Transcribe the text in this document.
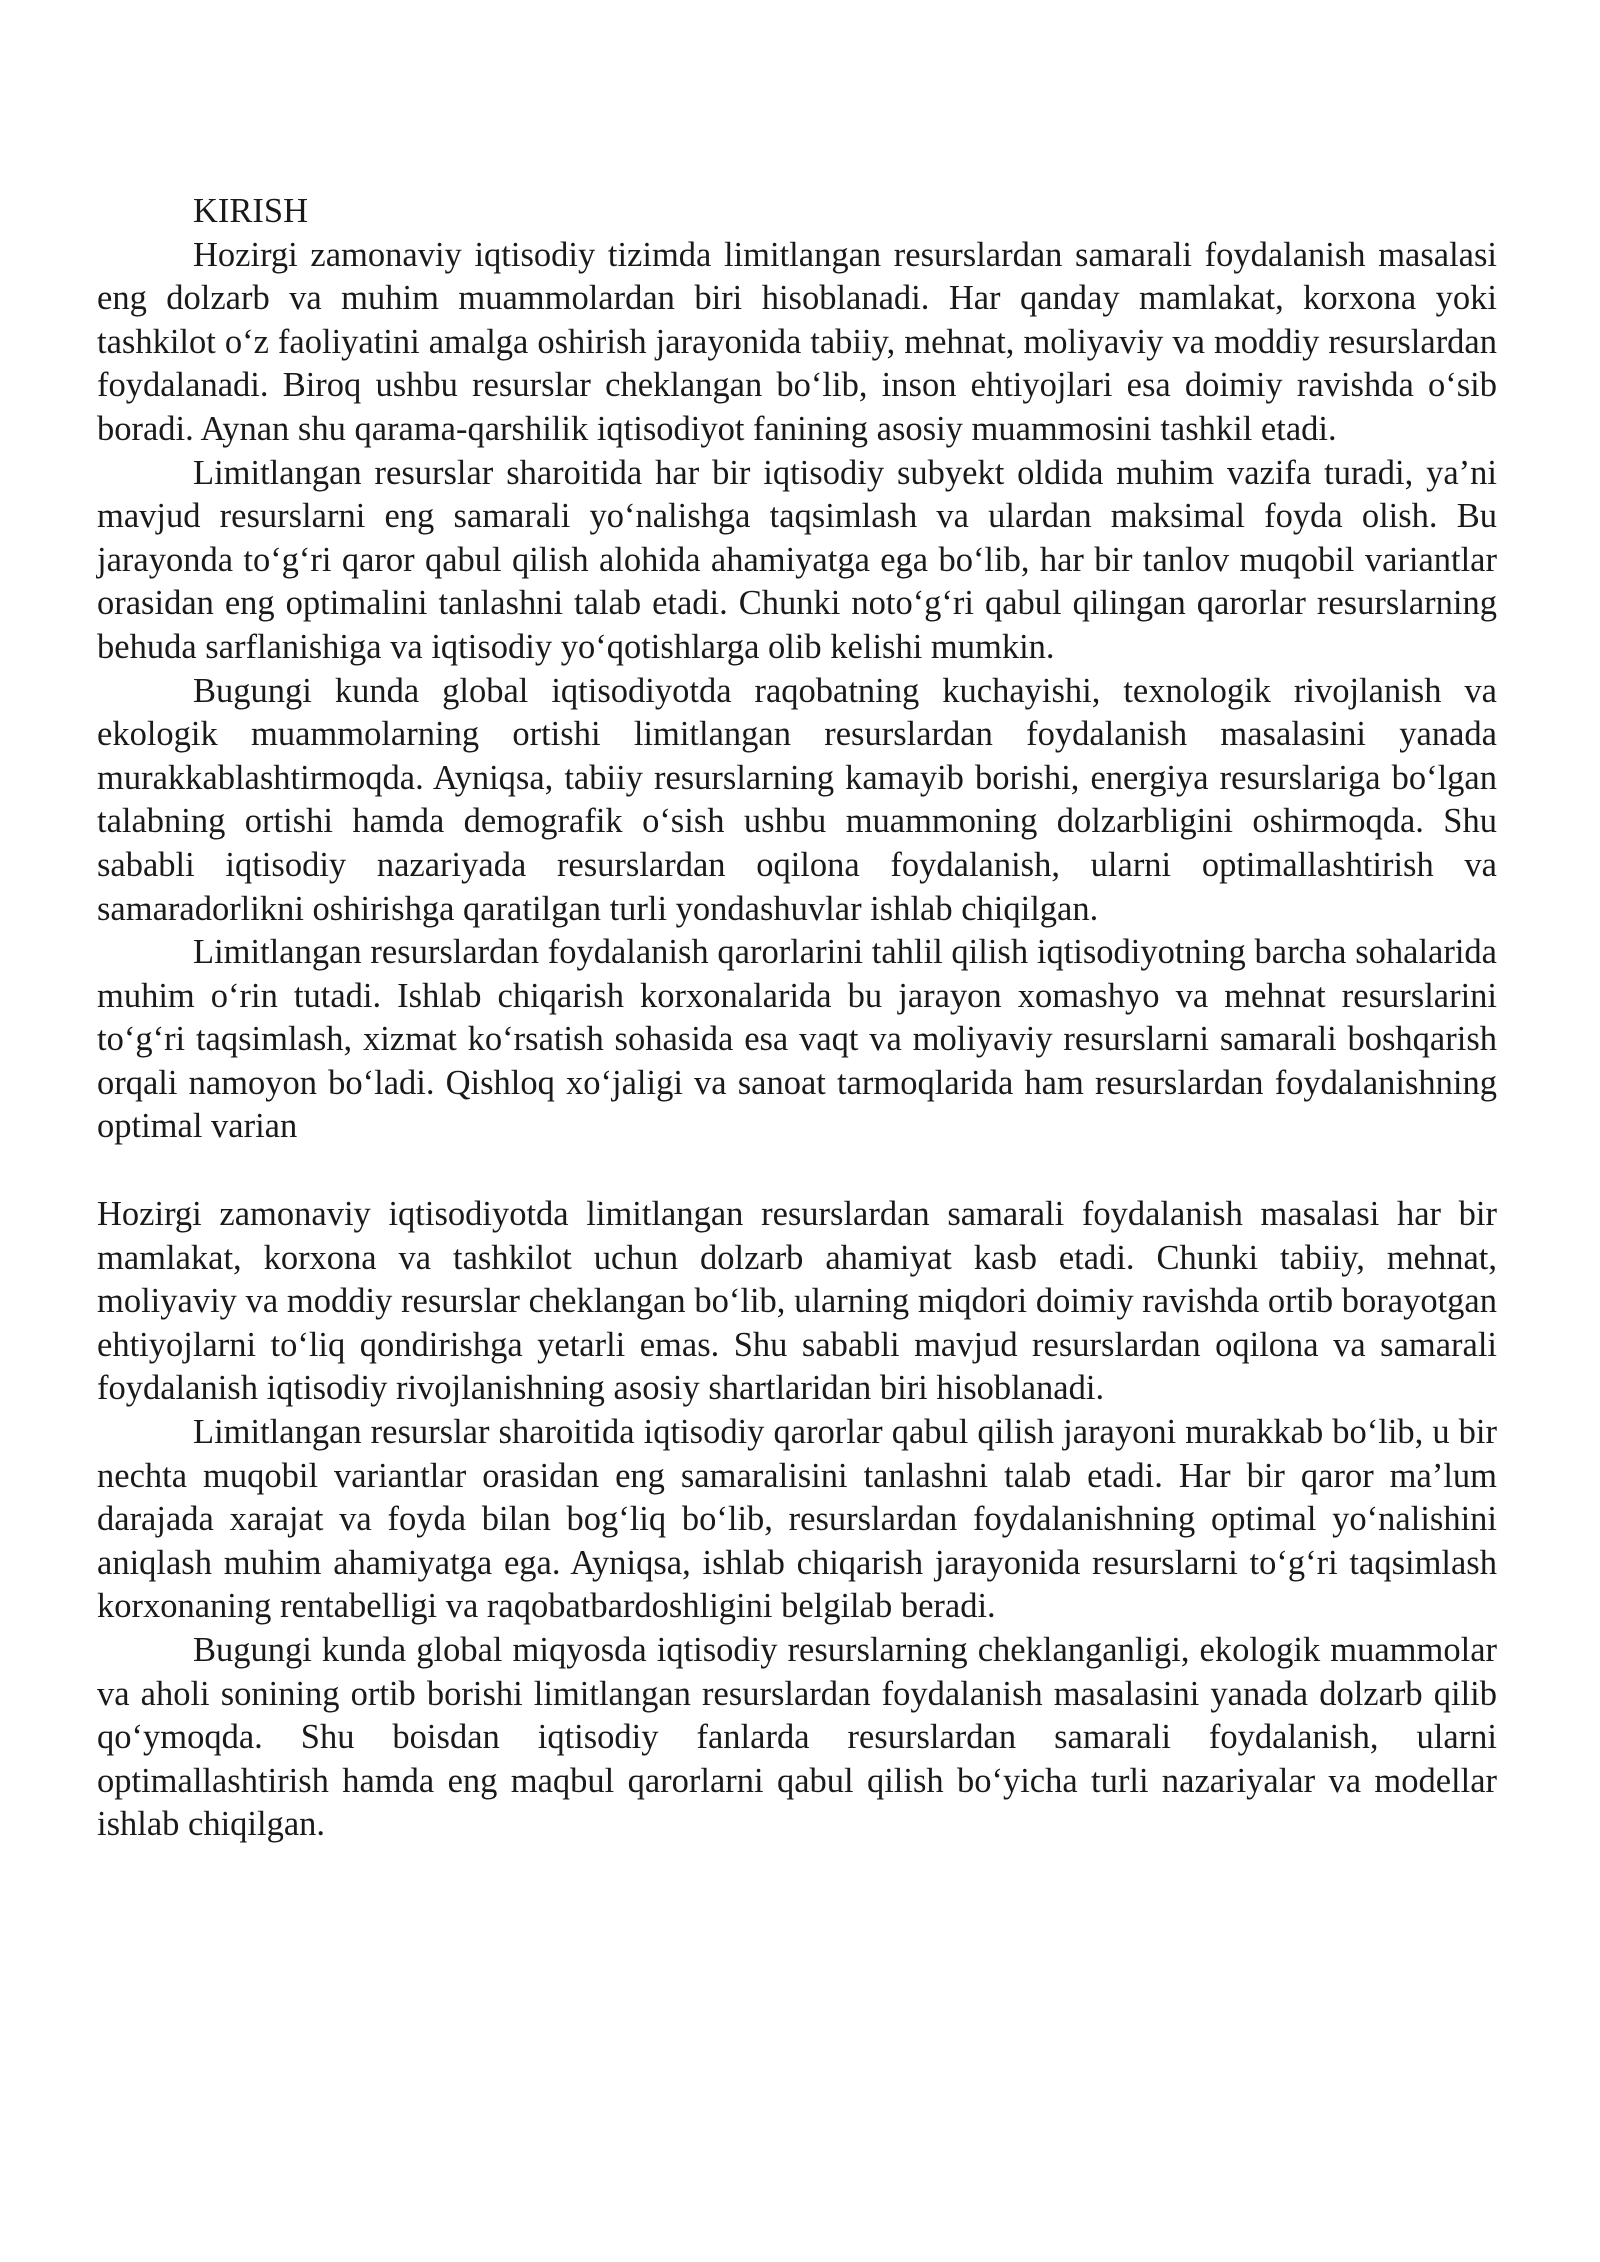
KIRISH

Hozirgi zamonaviy iqtisodiy tizimda limitlangan resurslardan samarali foydalanish masalasi eng dolzarb va muhim muammolardan biri hisoblanadi. Har qanday mamlakat, korxona yoki tashkilot o‘z faoliyatini amalga oshirish jarayonida tabiiy, mehnat, moliyaviy va moddiy resurslardan foydalanadi. Biroq ushbu resurslar cheklangan bo‘lib, inson ehtiyojlari esa doimiy ravishda o‘sib boradi. Aynan shu qarama-qarshilik iqtisodiyot fanining asosiy muammosini tashkil etadi.

Limitlangan resurslar sharoitida har bir iqtisodiy subyekt oldida muhim vazifa turadi, ya’ni mavjud resurslarni eng samarali yo‘nalishga taqsimlash va ulardan maksimal foyda olish. Bu jarayonda to‘g‘ri qaror qabul qilish alohida ahamiyatga ega bo‘lib, har bir tanlov muqobil variantlar orasidan eng optimalini tanlashni talab etadi. Chunki noto‘g‘ri qabul qilingan qarorlar resurslarning behuda sarflanishiga va iqtisodiy yo‘qotishlarga olib kelishi mumkin.

Bugungi kunda global iqtisodiyotda raqobatning kuchayishi, texnologik rivojlanish va ekologik muammolarning ortishi limitlangan resurslardan foydalanish masalasini yanada murakkablashtirmoqda. Ayniqsa, tabiiy resurslarning kamayib borishi, energiya resurslariga bo‘lgan talabning ortishi hamda demografik o‘sish ushbu muammoning dolzarbligini oshirmoqda. Shu sababli iqtisodiy nazariyada resurslardan oqilona foydalanish, ularni optimallashtirish va samaradorlikni oshirishga qaratilgan turli yondashuvlar ishlab chiqilgan.

Limitlangan resurslardan foydalanish qarorlarini tahlil qilish iqtisodiyotning barcha sohalarida muhim o‘rin tutadi. Ishlab chiqarish korxonalarida bu jarayon xomashyo va mehnat resurslarini to‘g‘ri taqsimlash, xizmat ko‘rsatish sohasida esa vaqt va moliyaviy resurslarni samarali boshqarish orqali namoyon bo‘ladi. Qishloq xo‘jaligi va sanoat tarmoqlarida ham resurslardan foydalanishning optimal varian

Hozirgi zamonaviy iqtisodiyotda limitlangan resurslardan samarali foydalanish masalasi har bir mamlakat, korxona va tashkilot uchun dolzarb ahamiyat kasb etadi. Chunki tabiiy, mehnat, moliyaviy va moddiy resurslar cheklangan bo‘lib, ularning miqdori doimiy ravishda ortib borayotgan ehtiyojlarni to‘liq qondirishga yetarli emas. Shu sababli mavjud resurslardan oqilona va samarali foydalanish iqtisodiy rivojlanishning asosiy shartlaridan biri hisoblanadi.

Limitlangan resurslar sharoitida iqtisodiy qarorlar qabul qilish jarayoni murakkab bo‘lib, u bir nechta muqobil variantlar orasidan eng samaralisini tanlashni talab etadi. Har bir qaror ma’lum darajada xarajat va foyda bilan bog‘liq bo‘lib, resurslardan foydalanishning optimal yo‘nalishini aniqlash muhim ahamiyatga ega. Ayniqsa, ishlab chiqarish jarayonida resurslarni to‘g‘ri taqsimlash korxonaning rentabelligi va raqobatbardoshligini belgilab beradi.

Bugungi kunda global miqyosda iqtisodiy resurslarning cheklanganligi, ekologik muammolar va aholi sonining ortib borishi limitlangan resurslardan foydalanish masalasini yanada dolzarb qilib qo‘ymoqda. Shu boisdan iqtisodiy fanlarda resurslardan samarali foydalanish, ularni optimallashtirish hamda eng maqbul qarorlarni qabul qilish bo‘yicha turli nazariyalar va modellar ishlab chiqilgan.
